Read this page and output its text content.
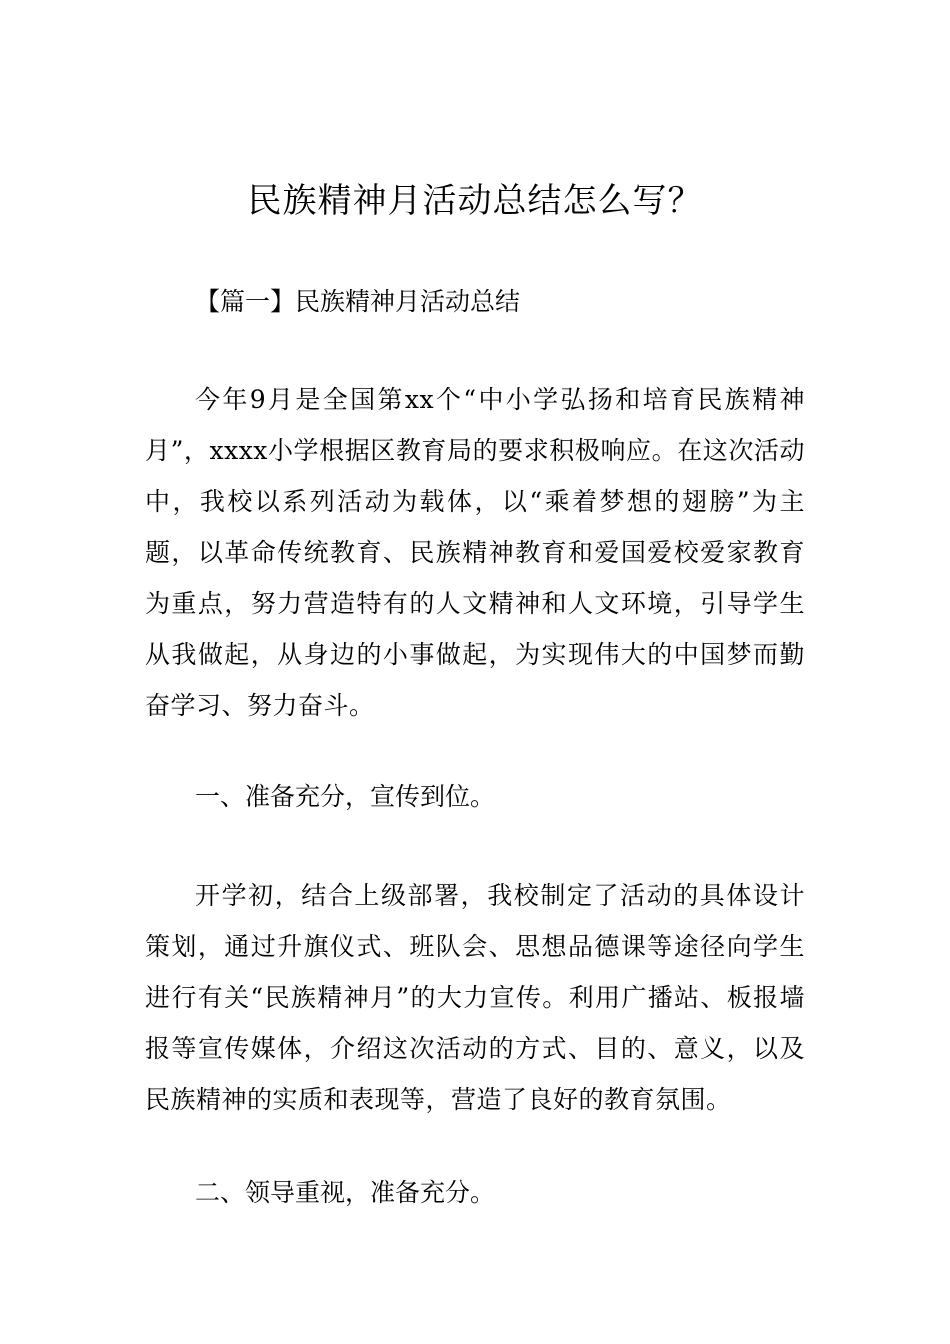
民族精神月活动总结怎么写？
【篇一】民族精神月活动总结
今年9月是全国第xx个“中小学弘扬和培育民族精神月”，xxxx小学根据区教育局的要求积极响应。在这次活动中，我校以系列活动为载体，以“乘着梦想的翅膀”为主题，以革命传统教育、民族精神教育和爱国爱校爱家教育为重点，努力营造特有的人文精神和人文环境，引导学生从我做起，从身边的小事做起，为实现伟大的中国梦而勤奋学习、努力奋斗。
一、准备充分，宣传到位。
开学初，结合上级部署，我校制定了活动的具体设计策划，通过升旗仪式、班队会、思想品德课等途径向学生进行有关“民族精神月”的大力宣传。利用广播站、板报墙报等宣传媒体，介绍这次活动的方式、目的、意义，以及民族精神的实质和表现等，营造了良好的教育氛围。
二、领导重视，准备充分。
